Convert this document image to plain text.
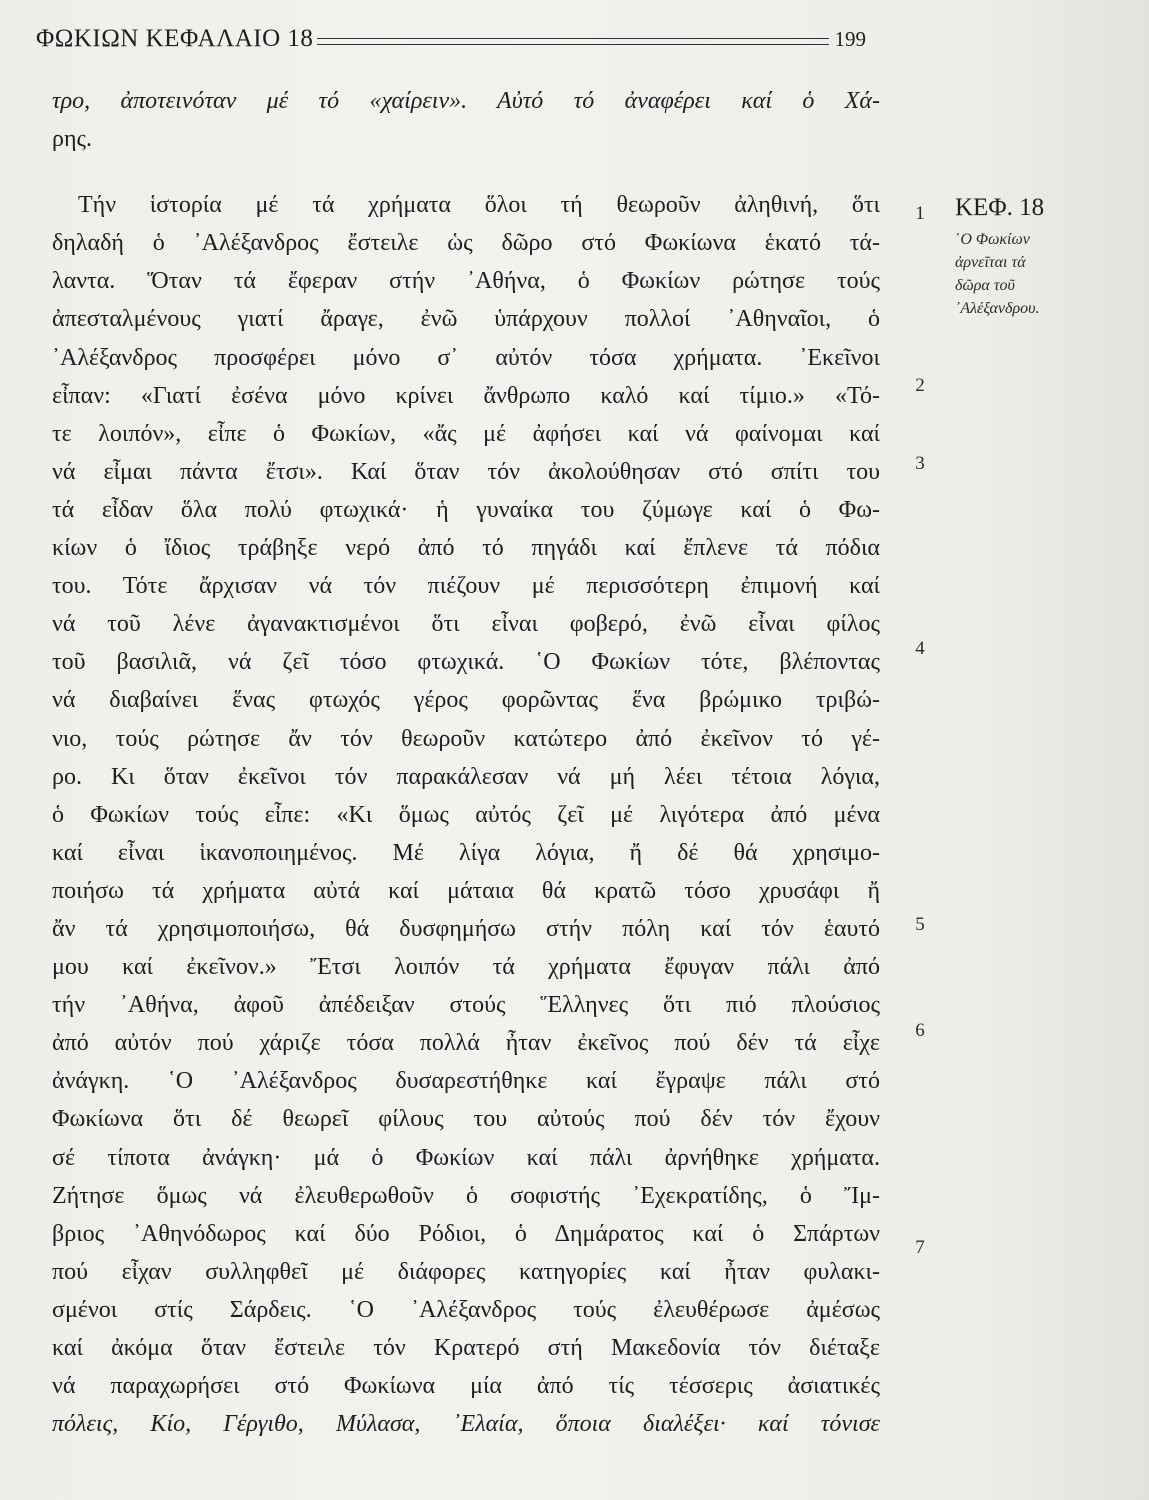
ΦΩΚΙΩΝ ΚΕΦΑΛΑΙΟ 18	199
τρο, ἀποτεινόταν μέ τό «χαίρειν». Αὐτό τό ἀναφέρει καί ὁ Χά-
ρης.
Τήν ἱστορία μέ τά χρήματα ὅλοι τή θεωροῦν ἀληθινή, ὅτι
δηλαδή ὁ ᾿Αλέξανδρος ἔστειλε ὡς δῶρο στό Φωκίωνα ἑκατό τά-
λαντα. Ὅταν τά ἔφεραν στήν ᾿Αθήνα, ὁ Φωκίων ρώτησε τούς
ἀπεσταλμένους γιατί ἄραγε, ἐνῶ ὑπάρχουν πολλοί ᾿Αθηναῖοι, ὁ
᾿Αλέξανδρος προσφέρει μόνο σ᾿ αὐτόν τόσα χρήματα. ᾿Εκεῖνοι
εἶπαν: «Γιατί ἐσένα μόνο κρίνει ἄνθρωπο καλό καί τίμιο.» «Τό-
τε λοιπόν», εἶπε ὁ Φωκίων, «ἄς μέ ἀφήσει καί νά φαίνομαι καί
νά εἶμαι πάντα ἔτσι». Καί ὅταν τόν ἀκολούθησαν στό σπίτι του
τά εἶδαν ὅλα πολύ φτωχικά· ἡ γυναίκα του ζύμωγε καί ὁ Φω-
κίων ὁ ἴδιος τράβηξε νερό ἀπό τό πηγάδι καί ἔπλενε τά πόδια
του. Τότε ἄρχισαν νά τόν πιέζουν μέ περισσότερη ἐπιμονή καί
νά τοῦ λένε ἀγανακτισμένοι ὅτι εἶναι φοβερό, ἐνῶ εἶναι φίλος
τοῦ βασιλιᾶ, νά ζεῖ τόσο φτωχικά. ῾Ο Φωκίων τότε, βλέποντας
νά διαβαίνει ἕνας φτωχός γέρος φορῶντας ἕνα βρώμικο τριβώ-
νιο, τούς ρώτησε ἄν τόν θεωροῦν κατώτερο ἀπό ἐκεῖνον τό γέ-
ρο. Κι ὅταν ἐκεῖνοι τόν παρακάλεσαν νά μή λέει τέτοια λόγια,
ὁ Φωκίων τούς εἶπε: «Κι ὅμως αὐτός ζεῖ μέ λιγότερα ἀπό μένα
καί εἶναι ἱκανοποιημένος. Μέ λίγα λόγια, ἤ δέ θά χρησιμο-
ποιήσω τά χρήματα αὐτά καί μάταια θά κρατῶ τόσο χρυσάφι ἤ
ἄν τά χρησιμοποιήσω, θά δυσφημήσω στήν πόλη καί τόν ἑαυτό
μου καί ἐκεῖνον.» Ἔτσι λοιπόν τά χρήματα ἔφυγαν πάλι ἀπό
τήν ᾿Αθήνα, ἀφοῦ ἀπέδειξαν στούς Ἕλληνες ὅτι πιό πλούσιος
ἀπό αὐτόν πού χάριζε τόσα πολλά ἦταν ἐκεῖνος πού δέν τά εἶχε
ἀνάγκη. ῾Ο ᾿Αλέξανδρος δυσαρεστήθηκε καί ἔγραψε πάλι στό
Φωκίωνα ὅτι δέ θεωρεῖ φίλους του αὐτούς πού δέν τόν ἔχουν
σέ τίποτα ἀνάγκη· μά ὁ Φωκίων καί πάλι ἀρνήθηκε χρήματα.
Ζήτησε ὅμως νά ἐλευθερωθοῦν ὁ σοφιστής ᾿Εχεκρατίδης, ὁ Ἴμ-
βριος ᾿Αθηνόδωρος καί δύο Ρόδιοι, ὁ Δημάρατος καί ὁ Σπάρτων
πού εἶχαν συλληφθεῖ μέ διάφορες κατηγορίες καί ἦταν φυλακι-
σμένοι στίς Σάρδεις. ῾Ο ᾿Αλέξανδρος τούς ἐλευθέρωσε ἀμέσως
καί ἀκόμα ὅταν ἔστειλε τόν Κρατερό στή Μακεδονία τόν διέταξε
νά παραχωρήσει στό Φωκίωνα μία ἀπό τίς τέσσερις ἀσιατικές
πόλεις, Κίο, Γέργιθο, Μύλασα, ᾿Ελαία, ὅποια διαλέξει· καί τόνισε
1
2
3
4
5
6
7
ΚΕΦ. 18
῾Ο Φωκίων
ἀρνεῖται τά
δῶρα τοῦ
᾿Αλέξανδρου.
